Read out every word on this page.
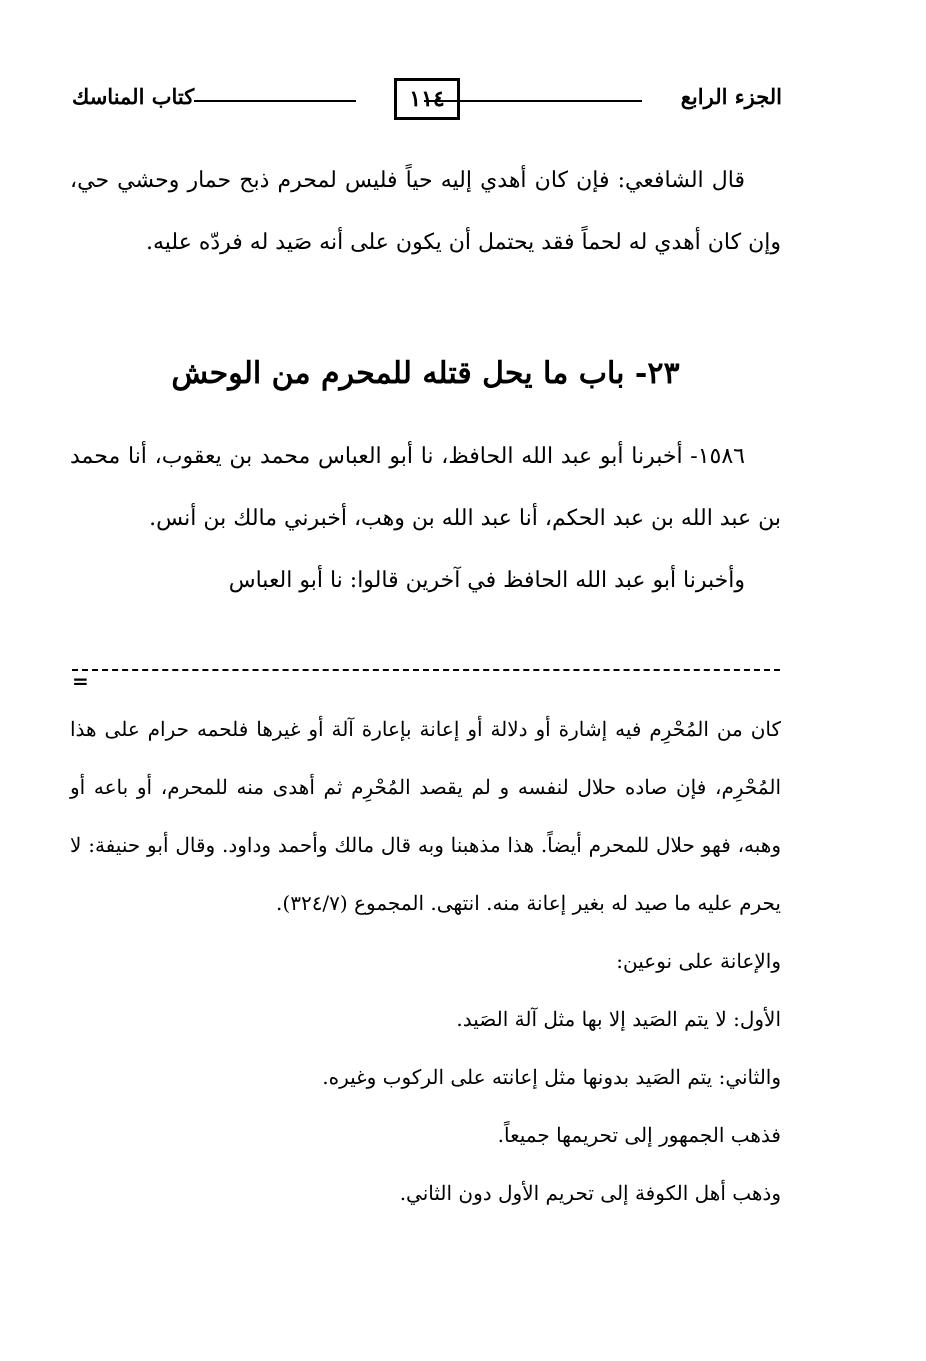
الجزء الرابع
١١٤
كتاب المناسك

قال الشافعي: فإن كان أهدي إليه حياً فليس لمحرم ذبح حمار وحشي حي، وإن كان أهدي له لحماً فقد يحتمل أن يكون على أنه صَيد له فردّه عليه.

٢٣- باب ما يحل قتله للمحرم من الوحش

١٥٨٦- أخبرنا أبو عبد الله الحافظ، نا أبو العباس محمد بن يعقوب، أنا محمد بن عبد الله بن عبد الحكم، أنا عبد الله بن وهب، أخبرني مالك بن أنس.

وأخبرنا أبو عبد الله الحافظ في آخرين قالوا: نا أبو العباس

=

كان من المُحْرِم فيه إشارة أو دلالة أو إعانة بإعارة آلة أو غيرها فلحمه حرام على هذا المُحْرِم، فإن صاده حلال لنفسه و لم يقصد المُحْرِم ثم أهدى منه للمحرم، أو باعه أو وهبه، فهو حلال للمحرم أيضاً. هذا مذهبنا وبه قال مالك وأحمد وداود. وقال أبو حنيفة: لا يحرم عليه ما صيد له بغير إعانة منه. انتهى. المجموع (٣٢٤/٧).

والإعانة على نوعين:

الأول: لا يتم الصَيد إلا بها مثل آلة الصَيد.

والثاني: يتم الصَيد بدونها مثل إعانته على الركوب وغيره.

فذهب الجمهور إلى تحريمها جميعاً.

وذهب أهل الكوفة إلى تحريم الأول دون الثاني.
